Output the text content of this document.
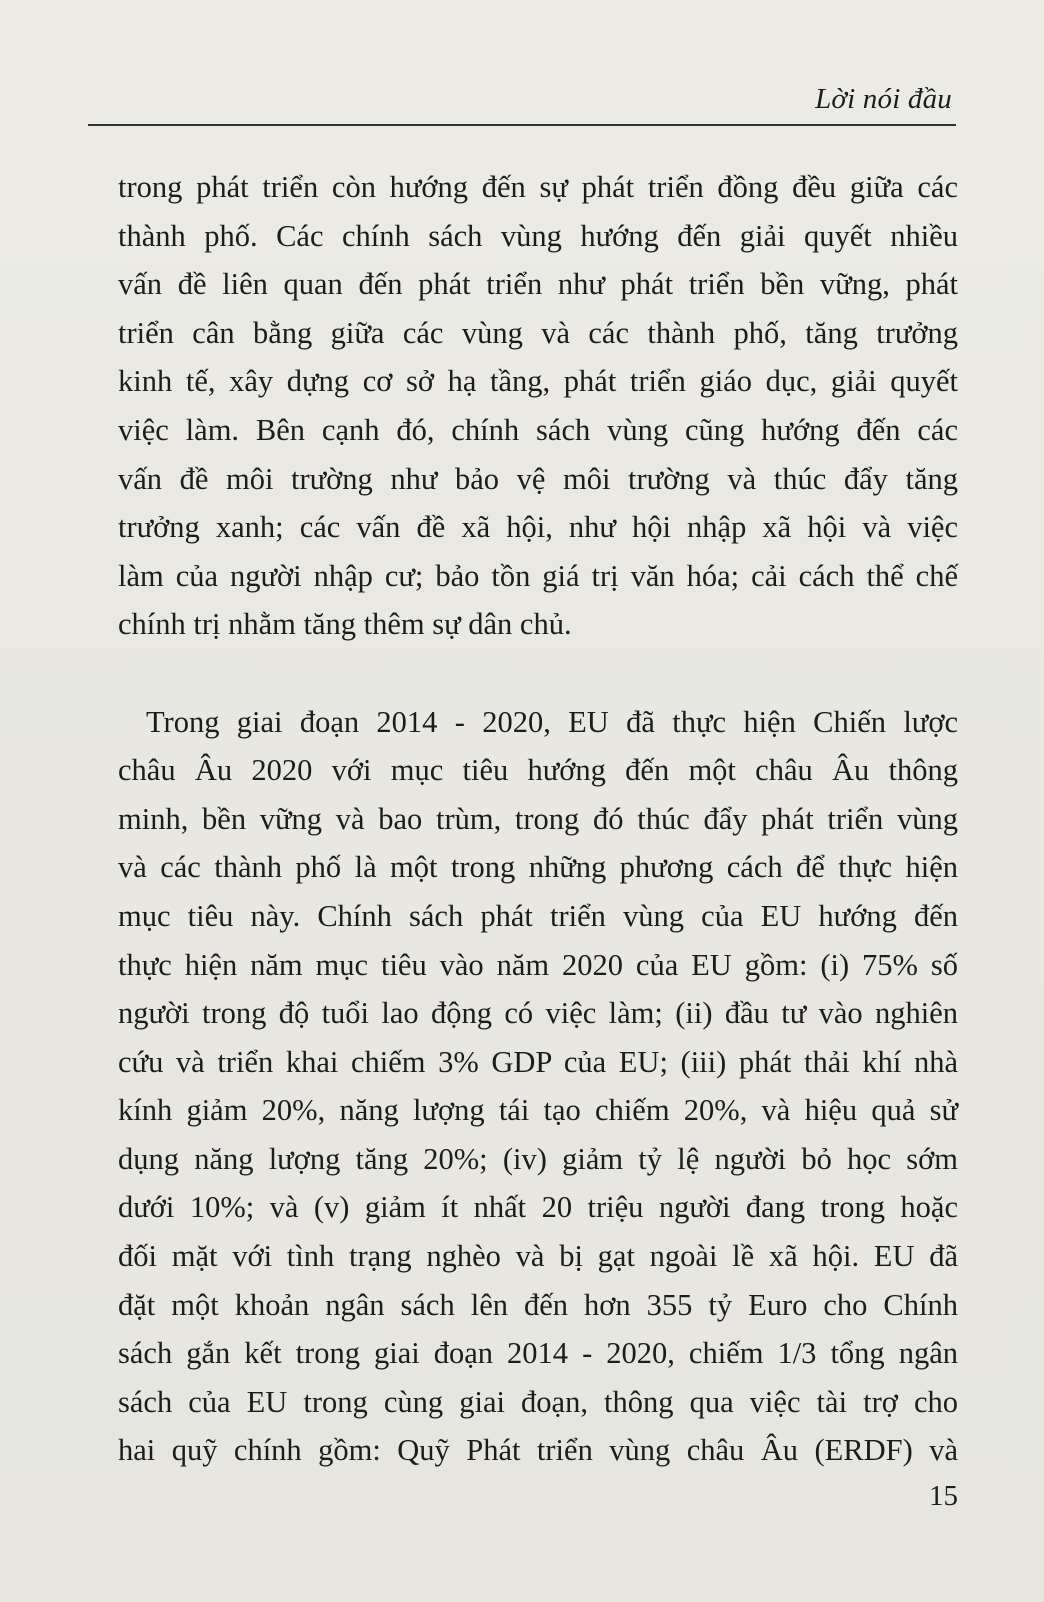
Lời nói đầu
trong phát triển còn hướng đến sự phát triển đồng đều giữa các
thành phố. Các chính sách vùng hướng đến giải quyết nhiều
vấn đề liên quan đến phát triển như phát triển bền vững, phát
triển cân bằng giữa các vùng và các thành phố, tăng trưởng
kinh tế, xây dựng cơ sở hạ tầng, phát triển giáo dục, giải quyết
việc làm. Bên cạnh đó, chính sách vùng cũng hướng đến các
vấn đề môi trường như bảo vệ môi trường và thúc đẩy tăng
trưởng xanh; các vấn đề xã hội, như hội nhập xã hội và việc
làm của người nhập cư; bảo tồn giá trị văn hóa; cải cách thể chế
chính trị nhằm tăng thêm sự dân chủ.
Trong giai đoạn 2014 - 2020, EU đã thực hiện Chiến lược
châu Âu 2020 với mục tiêu hướng đến một châu Âu thông
minh, bền vững và bao trùm, trong đó thúc đẩy phát triển vùng
và các thành phố là một trong những phương cách để thực hiện
mục tiêu này. Chính sách phát triển vùng của EU hướng đến
thực hiện năm mục tiêu vào năm 2020 của EU gồm: (i) 75% số
người trong độ tuổi lao động có việc làm; (ii) đầu tư vào nghiên
cứu và triển khai chiếm 3% GDP của EU; (iii) phát thải khí nhà
kính giảm 20%, năng lượng tái tạo chiếm 20%, và hiệu quả sử
dụng năng lượng tăng 20%; (iv) giảm tỷ lệ người bỏ học sớm
dưới 10%; và (v) giảm ít nhất 20 triệu người đang trong hoặc
đối mặt với tình trạng nghèo và bị gạt ngoài lề xã hội. EU đã
đặt một khoản ngân sách lên đến hơn 355 tỷ Euro cho Chính
sách gắn kết trong giai đoạn 2014 - 2020, chiếm 1/3 tổng ngân
sách của EU trong cùng giai đoạn, thông qua việc tài trợ cho
hai quỹ chính gồm: Quỹ Phát triển vùng châu Âu (ERDF) và
15
